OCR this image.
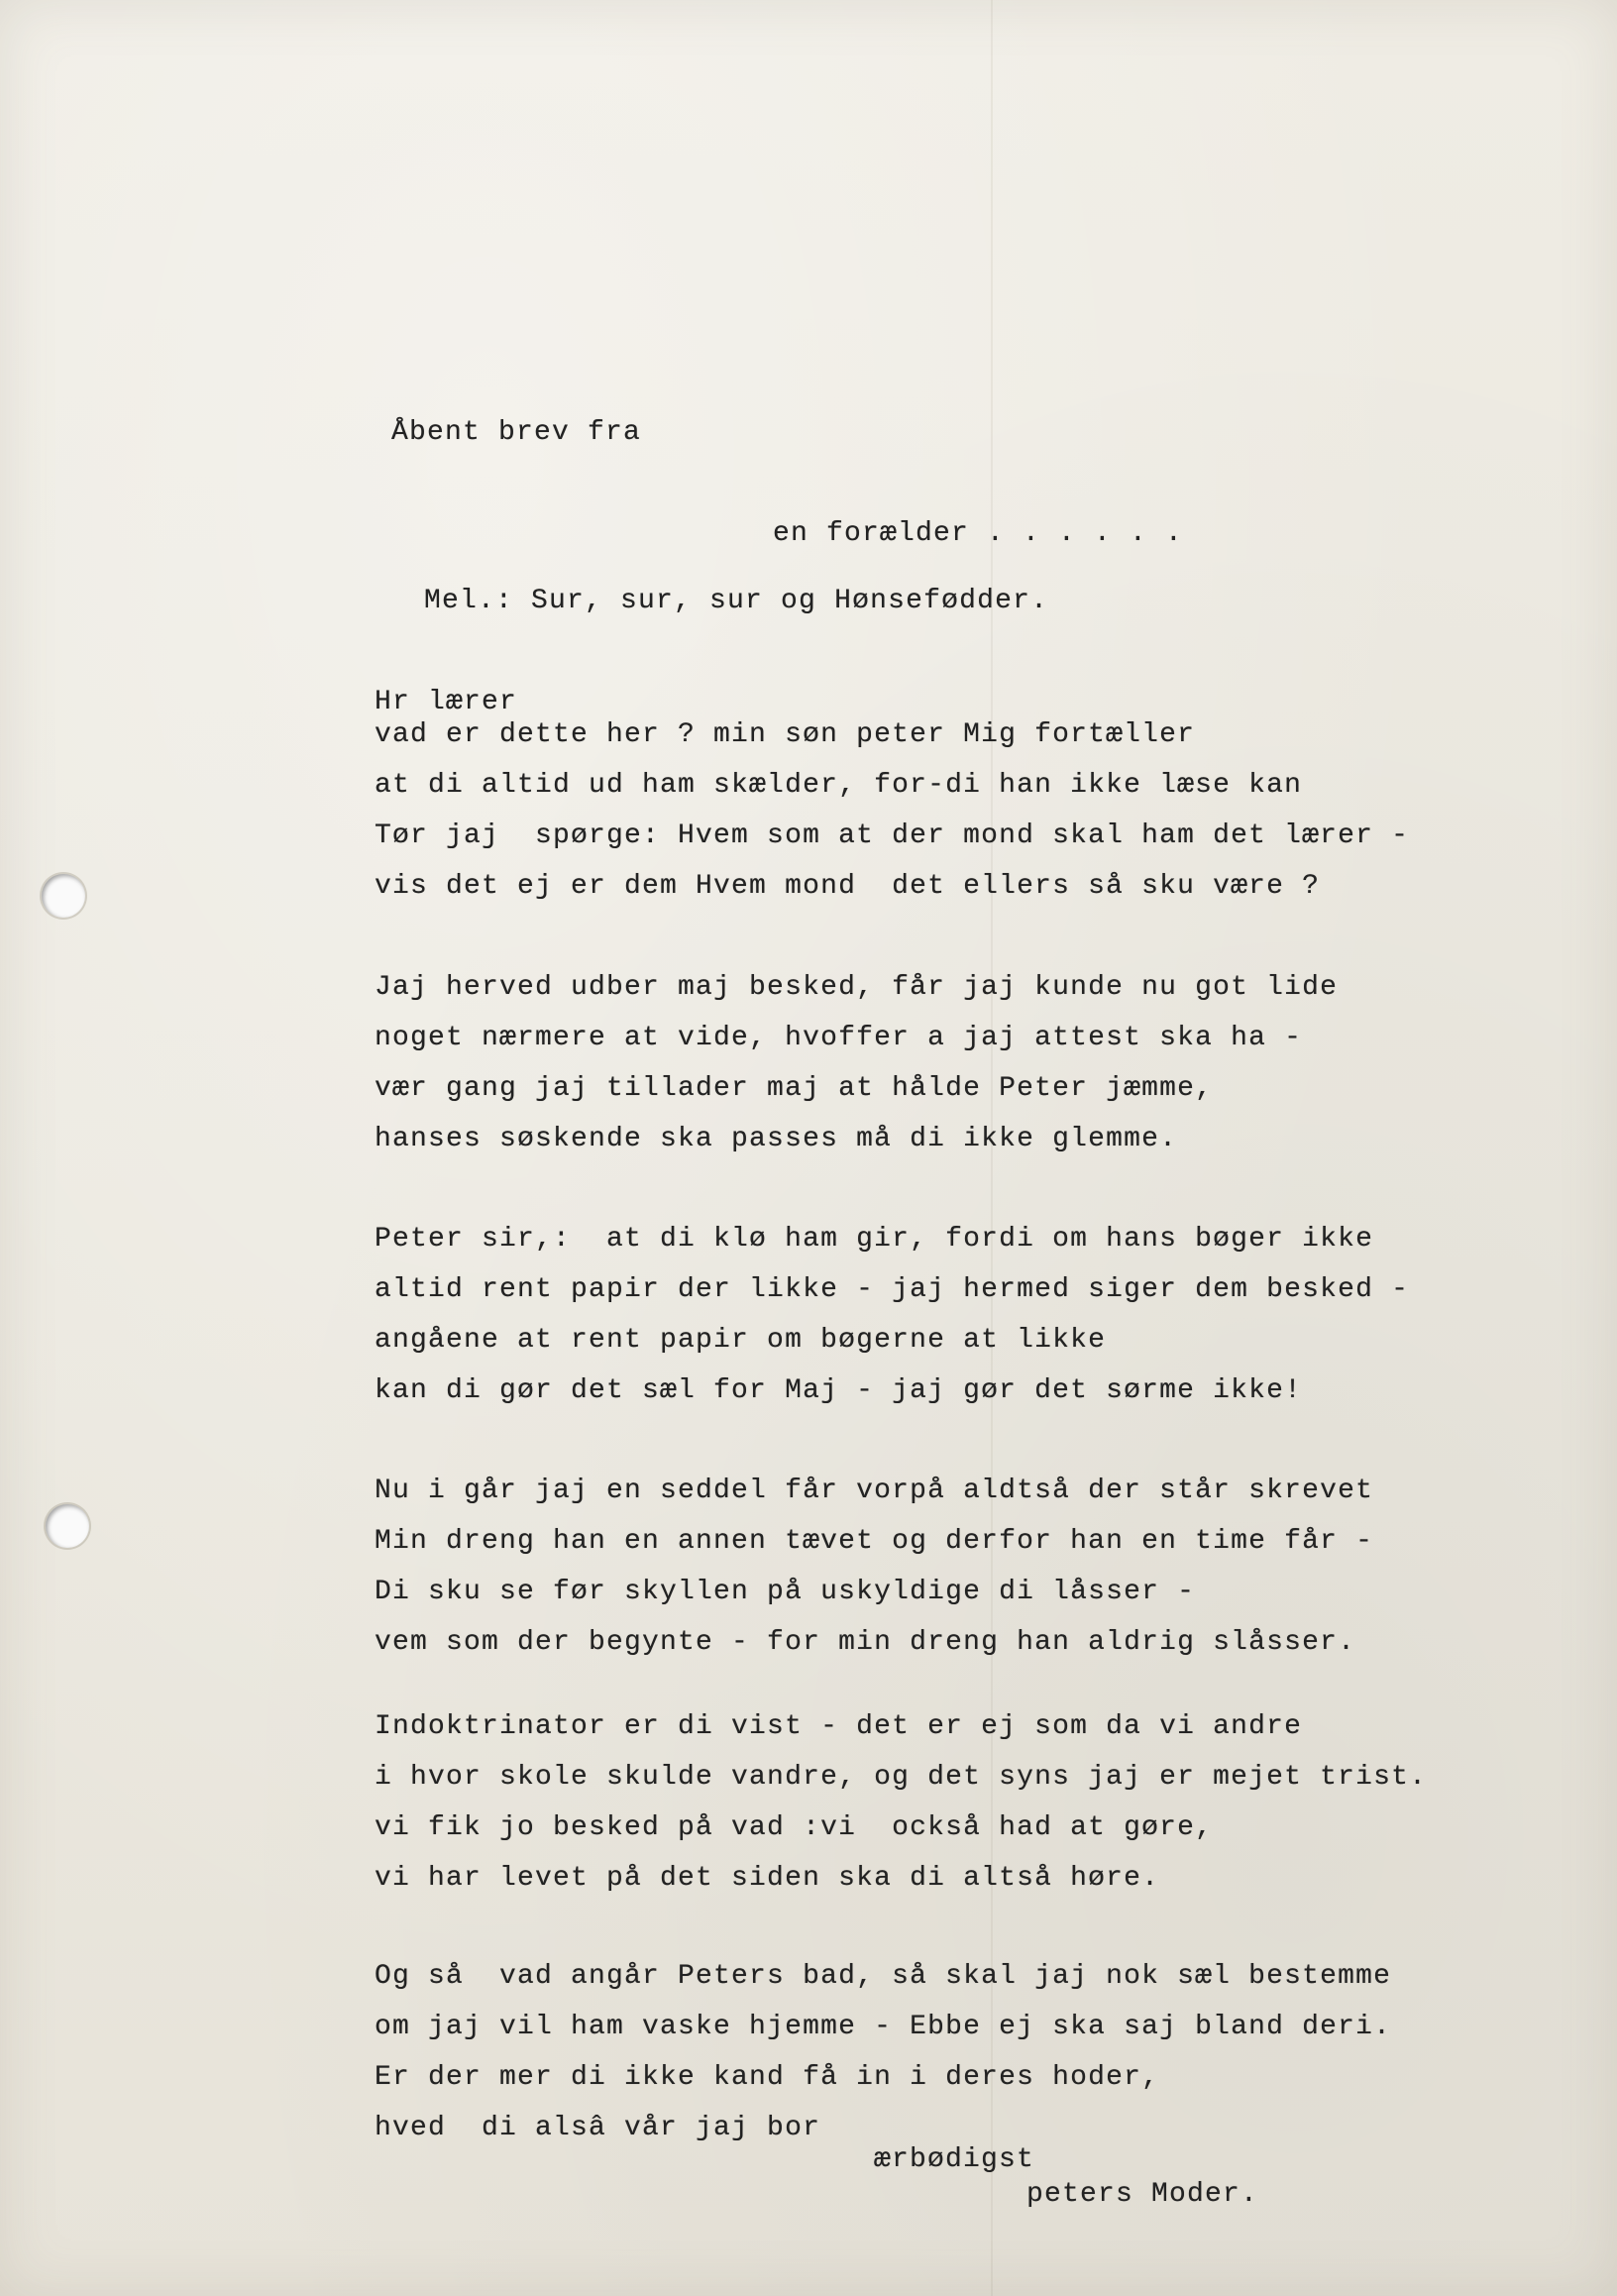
Åbent brev fra
en forælder . . . . . .
Mel.: Sur, sur, sur og Hønsefødder.
Hr lærer
vad er dette her ? min søn peter Mig fortæller
at di altid ud ham skælder, for-di han ikke læse kan
Tør jaj  spørge: Hvem som at der mond skal ham det lærer -
vis det ej er dem Hvem mond  det ellers så sku være ?
Jaj herved udber maj besked, får jaj kunde nu got lide
noget nærmere at vide, hvoffer a jaj attest ska ha -
vær gang jaj tillader maj at hålde Peter jæmme,
hanses søskende ska passes må di ikke glemme.
Peter sir,:  at di klø ham gir, fordi om hans bøger ikke
altid rent papir der likke - jaj hermed siger dem besked -
angåene at rent papir om bøgerne at likke
kan di gør det sæl for Maj - jaj gør det sørme ikke!
Nu i går jaj en seddel får vorpå aldtså der står skrevet
Min dreng han en annen tævet og derfor han en time får -
Di sku se før skyllen på uskyldige di låsser -
vem som der begynte - for min dreng han aldrig slåsser.
Indoktrinator er di vist - det er ej som da vi andre
i hvor skole skulde vandre, og det syns jaj er mejet trist.
vi fik jo besked på vad :vi  också had at gøre,
vi har levet på det siden ska di altså høre.
Og så  vad angår Peters bad, så skal jaj nok sæl bestemme
om jaj vil ham vaske hjemme - Ebbe ej ska saj bland deri.
Er der mer di ikke kand få in i deres hoder,
hved  di alsâ vår jaj bor
ærbødigst
peters Moder.
